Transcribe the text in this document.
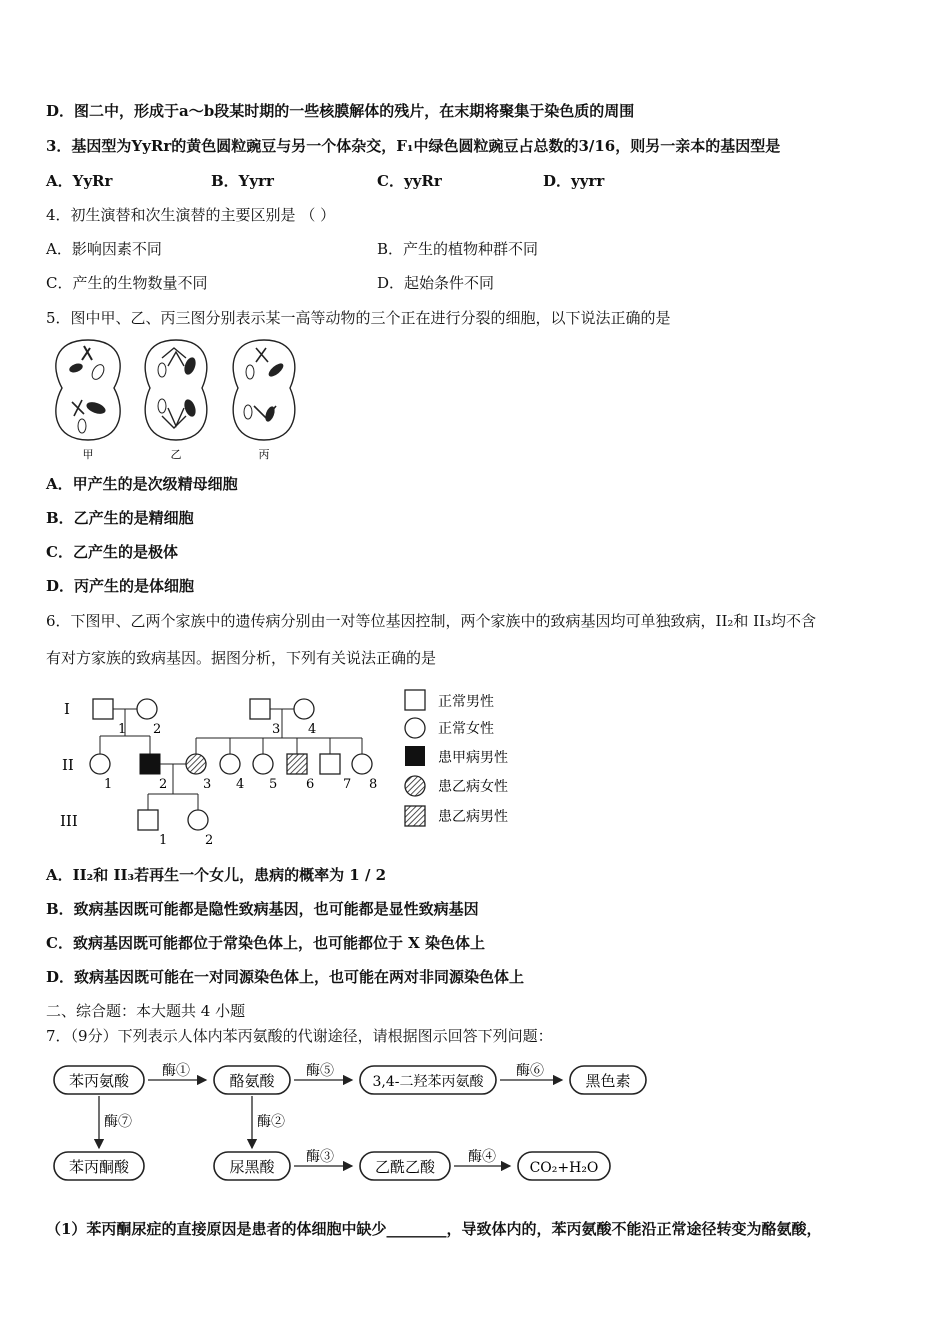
D．图二中，形成于a～b段某时期的一些核膜解体的残片，在末期将聚集于染色质的周围
3．基因型为YyRr的黄色圆粒豌豆与另一个体杂交，F₁中绿色圆粒豌豆占总数的3/16，则另一亲本的基因型是
A．YyRr	B．Yyrr	C．yyRr	D．yyrr
4．初生演替和次生演替的主要区别是 （ ）
A．影响因素不同	B．产生的植物种群不同
C．产生的生物数量不同	D．起始条件不同
5．图中甲、乙、丙三图分别表示某一高等动物的三个正在进行分裂的细胞，以下说法正确的是
甲	乙	丙
A．甲产生的是次级精母细胞
B．乙产生的是精细胞
C．乙产生的是极体
D．丙产生的是体细胞
6．下图甲、乙两个家族中的遗传病分别由一对等位基因控制，两个家族中的致病基因均可单独致病，II₂和 II₃均不含
有对方家族的致病基因。据图分析，下列有关说法正确的是
I
II
III
1 2	3 4
1	2	3 4 5 6 7 8
1	2
正常男性
正常女性
患甲病男性
患乙病女性
患乙病男性
A．II₂和 II₃若再生一个女儿，患病的概率为 1 / 2
B．致病基因既可能都是隐性致病基因，也可能都是显性致病基因
C．致病基因既可能都位于常染色体上，也可能都位于 X 染色体上
D．致病基因既可能在一对同源染色体上，也可能在两对非同源染色体上
二、综合题：本大题共 4 小题
7．（9分）下列表示人体内苯丙氨酸的代谢途径，请根据图示回答下列问题：
苯丙氨酸
酶①
酪氨酸
酶⑤
3,4-二羟苯丙氨酸
酶⑥
黑色素
酶⑦	酶②
苯丙酮酸	尿黑酸
酶③
乙酰乙酸
酶④
CO₂+H₂O
（1）苯丙酮尿症的直接原因是患者的体细胞中缺少________，导致体内的，苯丙氨酸不能沿正常途径转变为酪氨酸，
